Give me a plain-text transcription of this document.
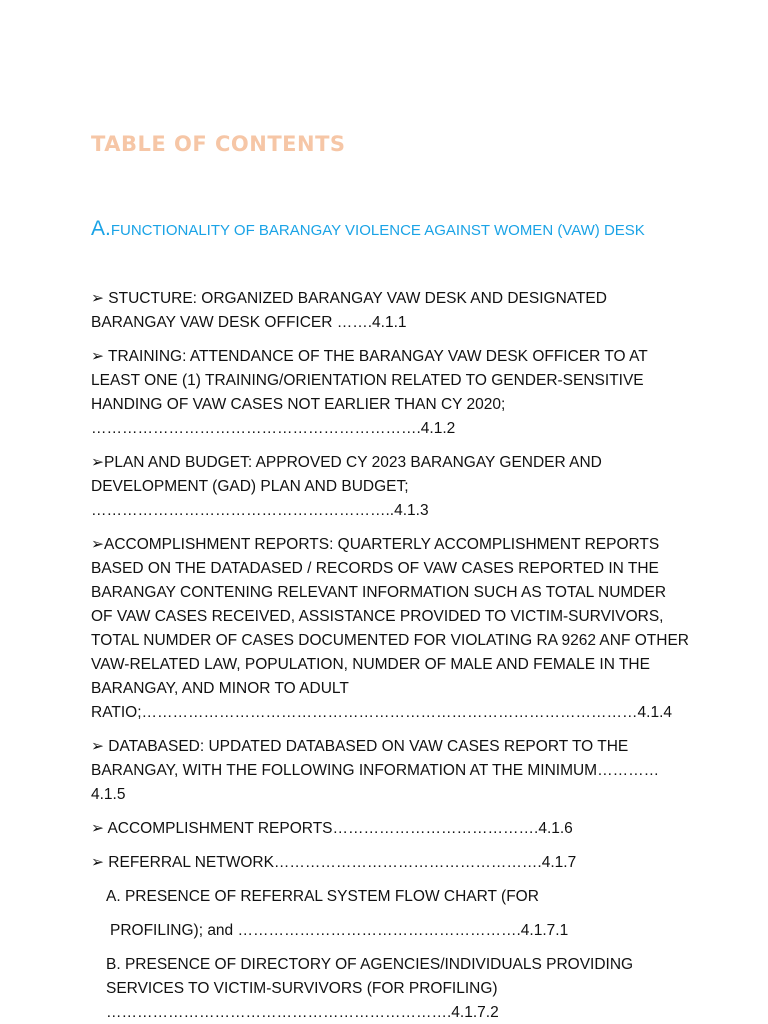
TABLE OF CONTENTS
A.FUNCTIONALITY OF BARANGAY VIOLENCE AGAINST WOMEN (VAW) DESK

➢ STUCTURE: ORGANIZED BARANGAY VAW DESK AND DESIGNATED BARANGAY VAW DESK OFFICER …….4.1.1

➢ TRAINING: ATTENDANCE OF THE BARANGAY VAW DESK OFFICER TO AT LEAST ONE (1) TRAINING/ORIENTATION RELATED TO GENDER-SENSITIVE HANDING OF VAW CASES NOT EARLIER THAN CY 2020; ……………………………………………………….4.1.2

➢PLAN AND BUDGET: APPROVED CY 2023 BARANGAY GENDER AND DEVELOPMENT (GAD) PLAN AND BUDGET; …………………………………………………..4.1.3

➢ACCOMPLISHMENT REPORTS: QUARTERLY ACCOMPLISHMENT REPORTS BASED ON THE DATADASED / RECORDS OF VAW CASES REPORTED IN THE BARANGAY CONTENING RELEVANT INFORMATION SUCH AS TOTAL NUMDER OF VAW CASES RECEIVED, ASSISTANCE PROVIDED TO VICTIM-SURVIVORS, TOTAL NUMDER OF CASES DOCUMENTED FOR VIOLATING RA 9262 ANF OTHER VAW-RELATED LAW, POPULATION, NUMDER OF MALE AND FEMALE IN THE BARANGAY, AND MINOR TO ADULT RATIO;……………………………………………………………………………………4.1.4

➢ DATABASED: UPDATED DATABASED ON VAW CASES REPORT TO THE BARANGAY, WITH THE FOLLOWING INFORMATION AT THE MINIMUM…………4.1.5

➢ ACCOMPLISHMENT REPORTS………………………………….4.1.6

➢ REFERRAL NETWORK…………………………………………….4.1.7

A. PRESENCE OF REFERRAL SYSTEM FLOW CHART (FOR

PROFILING); and ……………………………………………….4.1.7.1

B. PRESENCE OF DIRECTORY OF AGENCIES/INDIVIDUALS PROVIDING SERVICES TO VICTIM-SURVIVORS (FOR PROFILING) ………………………………………………………….4.1.7.2
